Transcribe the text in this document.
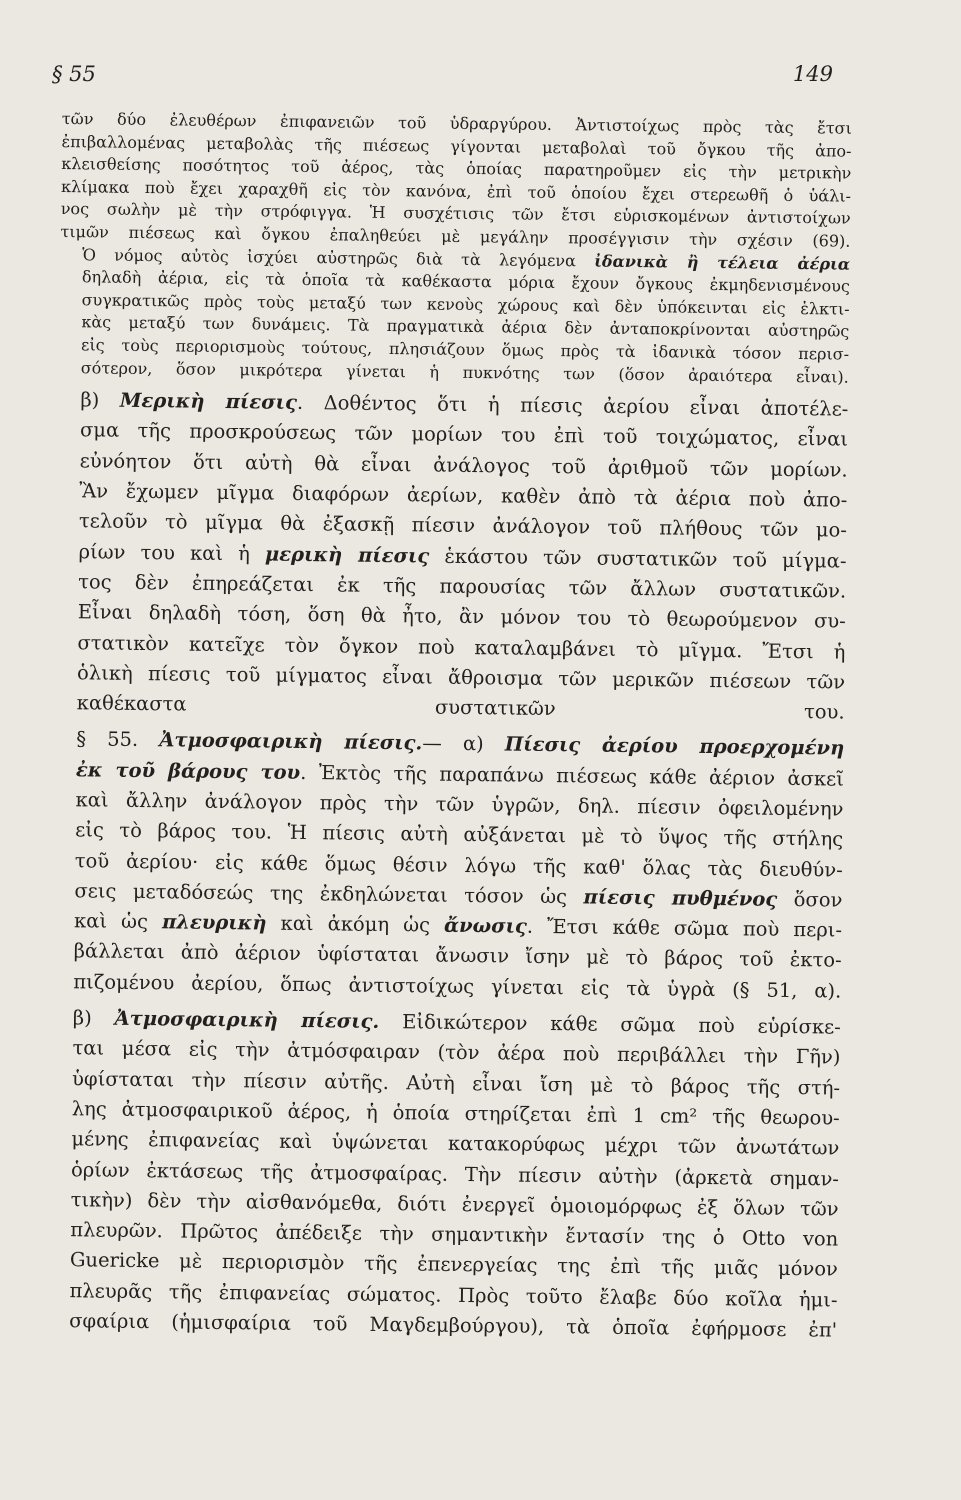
§ 55	149
τῶν δύο ἐλευθέρων ἐπιφανειῶν τοῦ ὑδραργύρου. Ἀντιστοίχως πρὸς τὰς ἔτσι
ἐπιβαλλομένας μεταβολὰς τῆς πιέσεως γίγονται μεταβολαὶ τοῦ ὄγκου τῆς ἀπο-
κλεισθείσης ποσότητος τοῦ ἀέρος, τὰς ὁποίας παρατηροῦμεν εἰς τὴν μετρικὴν
κλίμακα ποὺ ἔχει χαραχθῆ εἰς τὸν κανόνα, ἐπὶ τοῦ ὁποίου ἔχει στερεωθῆ ὁ ὑάλι-
νος σωλὴν μὲ τὴν στρόφιγγα. Ἡ συσχέτισις τῶν ἔτσι εὑρισκομένων ἀντιστοίχων
τιμῶν πιέσεως καὶ ὄγκου ἐπαληθεύει μὲ μεγάλην προσέγγισιν τὴν σχέσιν (69).
Ὁ νόμος αὐτὸς ἰσχύει αὐστηρῶς διὰ τὰ λεγόμενα ἰδανικὰ ἢ τέλεια ἀέρια
δηλαδὴ ἀέρια, εἰς τὰ ὁποῖα τὰ καθέκαστα μόρια ἔχουν ὄγκους ἐκμηδενισμένους
συγκρατικῶς πρὸς τοὺς μεταξύ των κενοὺς χώρους καὶ δὲν ὑπόκεινται εἰς ἑλκτι-
κὰς μεταξύ των δυνάμεις. Τὰ πραγματικὰ ἀέρια δὲν ἀνταποκρίνονται αὐστηρῶς
εἰς τοὺς περιορισμοὺς τούτους, πλησιάζουν ὅμως πρὸς τὰ ἰδανικὰ τόσον περισ-
σότερον, ὅσον μικρότερα γίνεται ἡ πυκνότης των (ὅσον ἀραιότερα εἶναι).
β) Μερικὴ πίεσις. Δοθέντος ὅτι ἡ πίεσις ἀερίου εἶναι ἀποτέλε-
σμα τῆς προσκρούσεως τῶν μορίων του ἐπὶ τοῦ τοιχώματος, εἶναι
εὐνόητον ὅτι αὐτὴ θὰ εἶναι ἀνάλογος τοῦ ἀριθμοῦ τῶν μορίων.
Ἂν ἔχωμεν μῖγμα διαφόρων ἀερίων, καθὲν ἀπὸ τὰ ἀέρια ποὺ ἀπο-
τελοῦν τὸ μῖγμα θὰ ἐξασκῇ πίεσιν ἀνάλογον τοῦ πλήθους τῶν μο-
ρίων του καὶ ἡ μερικὴ πίεσις ἑκάστου τῶν συστατικῶν τοῦ μίγμα-
τος δὲν ἐπηρεάζεται ἐκ τῆς παρουσίας τῶν ἄλλων συστατικῶν.
Εἶναι δηλαδὴ τόση, ὅση θὰ ἦτο, ἂν μόνον του τὸ θεωρούμενον συ-
στατικὸν κατεῖχε τὸν ὄγκον ποὺ καταλαμβάνει τὸ μῖγμα. Ἔτσι ἡ
ὁλικὴ πίεσις τοῦ μίγματος εἶναι ἄθροισμα τῶν μερικῶν πιέσεων τῶν
καθέκαστα συστατικῶν του.
§ 55. Ἀτμοσφαιρικὴ πίεσις.— α) Πίεσις ἀερίου προερχομένη
ἐκ τοῦ βάρους του. Ἐκτὸς τῆς παραπάνω πιέσεως κάθε ἀέριον ἀσκεῖ
καὶ ἄλλην ἀνάλογον πρὸς τὴν τῶν ὑγρῶν, δηλ. πίεσιν ὀφειλομένην
εἰς τὸ βάρος του. Ἡ πίεσις αὐτὴ αὐξάνεται μὲ τὸ ὕψος τῆς στήλης
τοῦ ἀερίου· εἰς κάθε ὅμως θέσιν λόγω τῆς καθ' ὅλας τὰς διευθύν-
σεις μεταδόσεώς της ἐκδηλώνεται τόσον ὡς πίεσις πυθμένος ὅσον
καὶ ὡς πλευρικὴ καὶ ἀκόμη ὡς ἄνωσις. Ἔτσι κάθε σῶμα ποὺ περι-
βάλλεται ἀπὸ ἀέριον ὑφίσταται ἄνωσιν ἴσην μὲ τὸ βάρος τοῦ ἐκτο-
πιζομένου ἀερίου, ὅπως ἀντιστοίχως γίνεται εἰς τὰ ὑγρὰ (§ 51, α).
β) Ἀτμοσφαιρικὴ πίεσις. Εἰδικώτερον κάθε σῶμα ποὺ εὑρίσκε-
ται μέσα εἰς τὴν ἀτμόσφαιραν (τὸν ἀέρα ποὺ περιβάλλει τὴν Γῆν)
ὑφίσταται τὴν πίεσιν αὐτῆς. Αὐτὴ εἶναι ἴση μὲ τὸ βάρος τῆς στή-
λης ἀτμοσφαιρικοῦ ἀέρος, ἡ ὁποία στηρίζεται ἐπὶ 1 cm² τῆς θεωρου-
μένης ἐπιφανείας καὶ ὑψώνεται κατακορύφως μέχρι τῶν ἀνωτάτων
ὁρίων ἐκτάσεως τῆς ἀτμοσφαίρας. Τὴν πίεσιν αὐτὴν (ἀρκετὰ σημαν-
τικὴν) δὲν τὴν αἰσθανόμεθα, διότι ἐνεργεῖ ὁμοιομόρφως ἐξ ὅλων τῶν
πλευρῶν. Πρῶτος ἀπέδειξε τὴν σημαντικὴν ἔντασίν της ὁ Otto von
Guericke μὲ περιορισμὸν τῆς ἐπενεργείας της ἐπὶ τῆς μιᾶς μόνον
πλευρᾶς τῆς ἐπιφανείας σώματος. Πρὸς τοῦτο ἔλαβε δύο κοῖλα ἡμι-
σφαίρια (ἡμισφαίρια τοῦ Μαγδεμβούργου), τὰ ὁποῖα ἐφήρμοσε ἐπ'
